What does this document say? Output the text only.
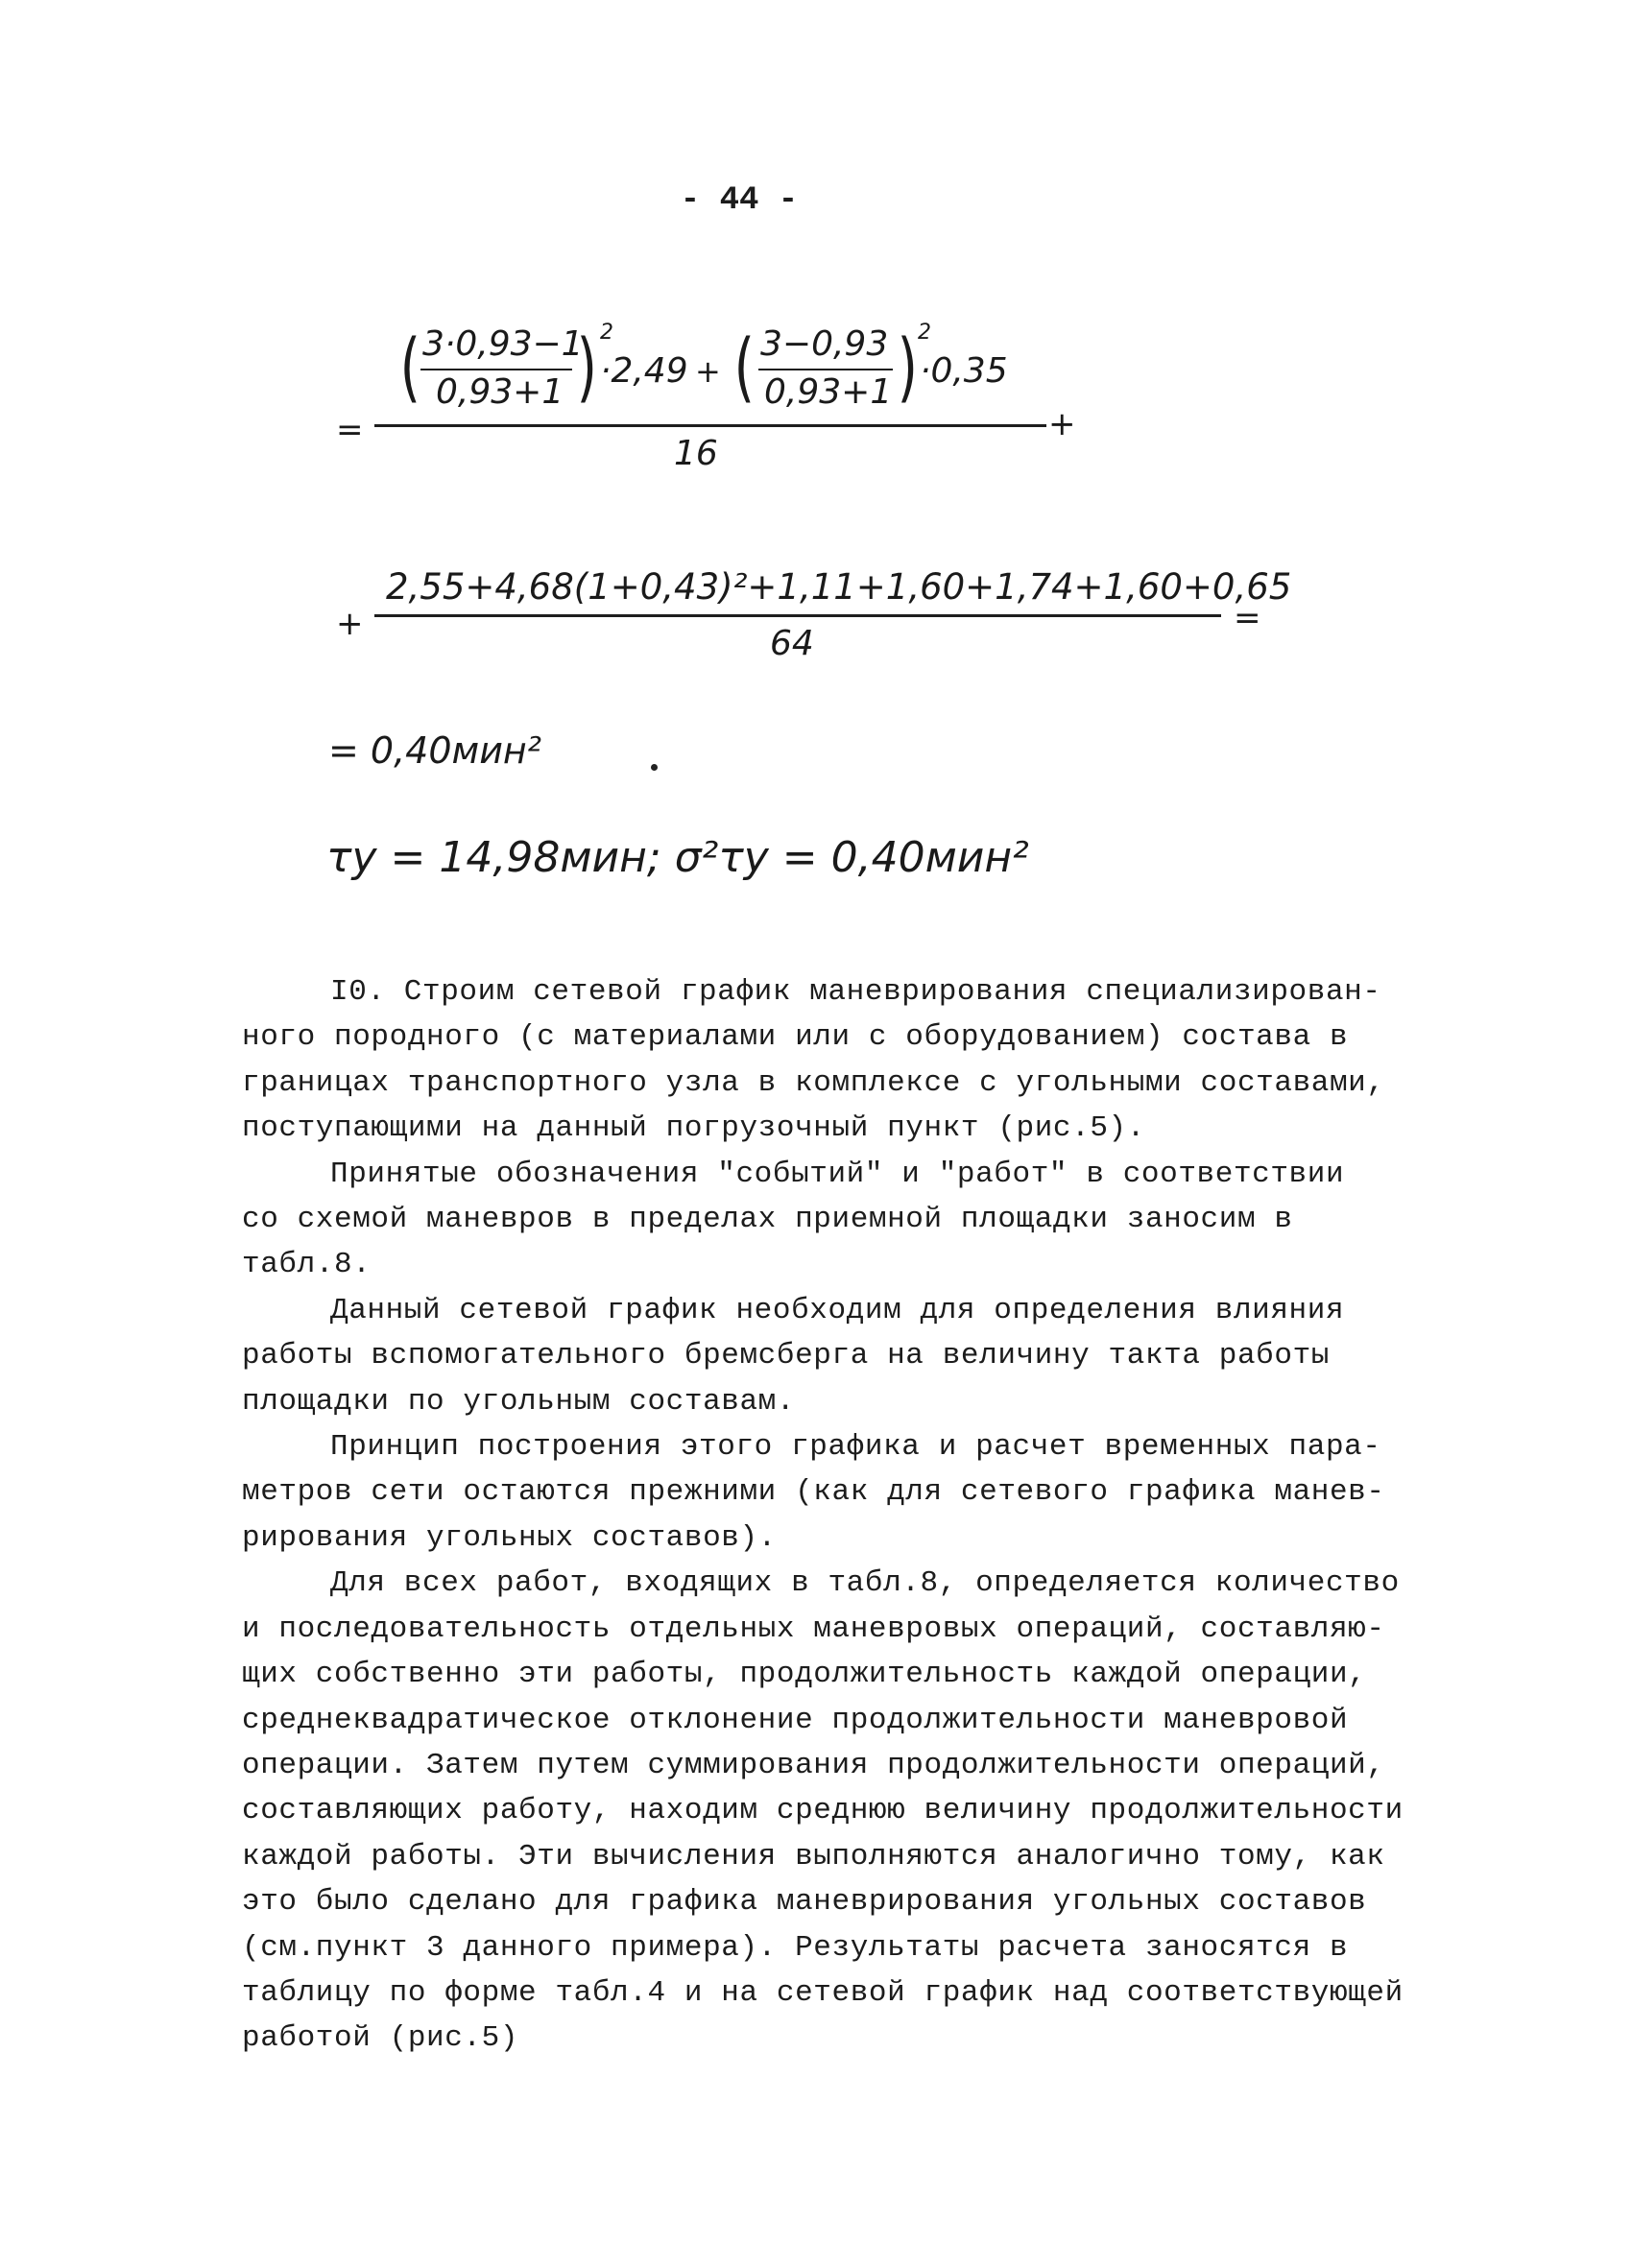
- 44 -
=
( 3·0,93−1
0,93+1 ) 2
·2,49 + ( 3−0,93
0,93+1 ) 2
·0,35
16
+
+
2,55+4,68(1+0,43)²+1,11+1,60+1,74+1,60+0,65
64
=
= 0,40мин²
τу = 14,98мин; σ²τу = 0,40мин²

I0. Строим сетевой график маневрирования специализирован-

ного породного (с материалами или с оборудованием) состава в
границах транспортного узла в комплексе с угольными составами,
поступающими на данный погрузочный пункт (рис.5).

Принятые обозначения "событий" и "работ" в соответствии

со схемой маневров в пределах приемной площадки заносим в
табл.8.

Данный сетевой график необходим для определения влияния

работы вспомогательного бремсберга на величину такта работы
площадки по угольным составам.

Принцип построения этого графика и расчет временных пара-

метров сети остаются прежними (как для сетевого графика манев-
рирования угольных составов).

Для всех работ, входящих в табл.8, определяется количество

и последовательность отдельных маневровых операций, составляю-
щих собственно эти работы, продолжительность каждой операции,
среднеквадратическое отклонение продолжительности маневровой
операции. Затем путем суммирования продолжительности операций,
составляющих работу, находим среднюю величину продолжительности
каждой работы. Эти вычисления выполняются аналогично тому, как
это было сделано для графика маневрирования угольных составов
(см.пункт 3 данного примера). Результаты расчета заносятся в
таблицу по форме табл.4 и на сетевой график над соответствующей
работой (рис.5)
